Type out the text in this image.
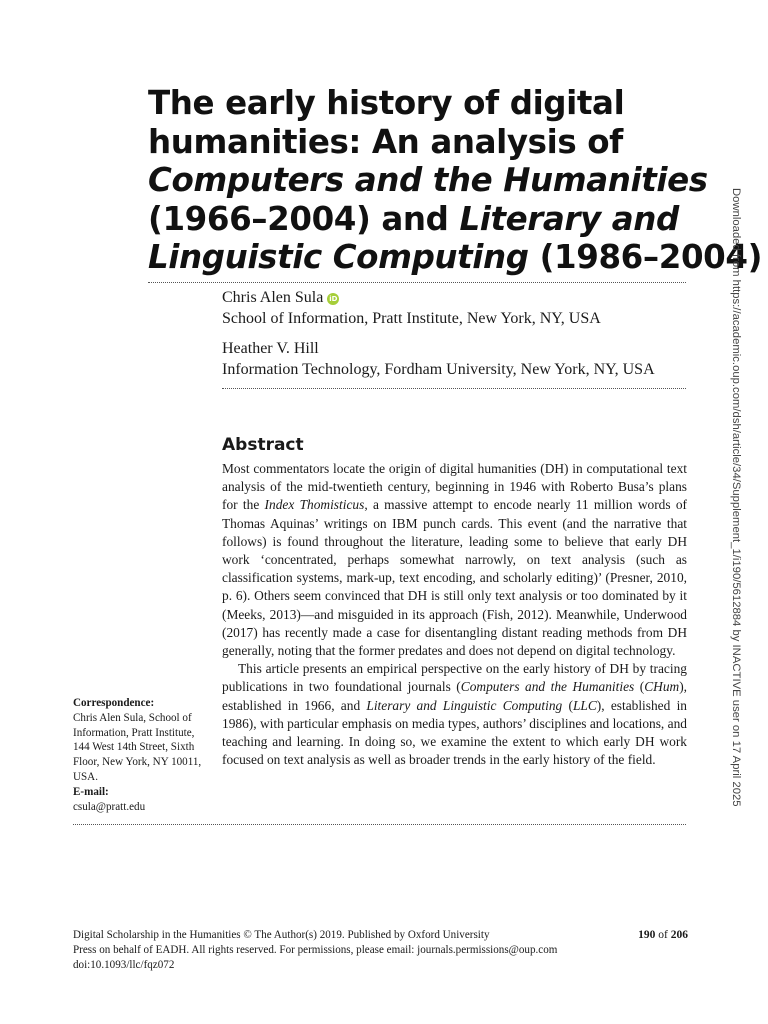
The early history of digital
humanities: An analysis of
Computers and the Humanities
(1966–2004) and Literary and
Linguistic Computing (1986–2004)
Chris Alen Sula iD
School of Information, Pratt Institute, New York, NY, USA
Heather V. Hill
Information Technology, Fordham University, New York, NY, USA
Abstract

Most commentators locate the origin of digital humanities (DH) in computational text analysis of the mid-twentieth century, beginning in 1946 with Roberto Busa’s plans for the Index Thomisticus, a massive attempt to encode nearly 11 million words of Thomas Aquinas’ writings on IBM punch cards. This event (and the narrative that follows) is found throughout the literature, leading some to believe that early DH work ‘concentrated, perhaps somewhat narrowly, on text analysis (such as classification systems, mark-up, text encoding, and scholarly editing)’ (Presner, 2010, p. 6). Others seem convinced that DH is still only text analysis or too dominated by it (Meeks, 2013)—and misguided in its approach (Fish, 2012). Meanwhile, Underwood (2017) has recently made a case for disentangling distant reading methods from DH generally, noting that the former predates and does not depend on digital technology.

This article presents an empirical perspective on the early history of DH by tracing publications in two foundational journals (Computers and the Humanities (CHum), established in 1966, and Literary and Linguistic Computing (LLC), established in 1986), with particular emphasis on media types, authors’ disciplines and locations, and teaching and learning. In doing so, we examine the extent to which early DH work focused on text analysis as well as broader trends in the early history of the field.

Correspondence:
Chris Alen Sula, School of Information, Pratt Institute, 144 West 14th Street, Sixth Floor, New York, NY 10011, USA.
E-mail:
csula@pratt.edu
Digital Scholarship in the Humanities © The Author(s) 2019. Published by Oxford University
Press on behalf of EADH. All rights reserved. For permissions, please email: journals.permissions@oup.com
doi:10.1093/llc/fqz072
190 of 206
Downloaded from https://academic.oup.com/dsh/article/34/Supplement_1/i190/5612884 by INACTIVE user on 17 April 2025
